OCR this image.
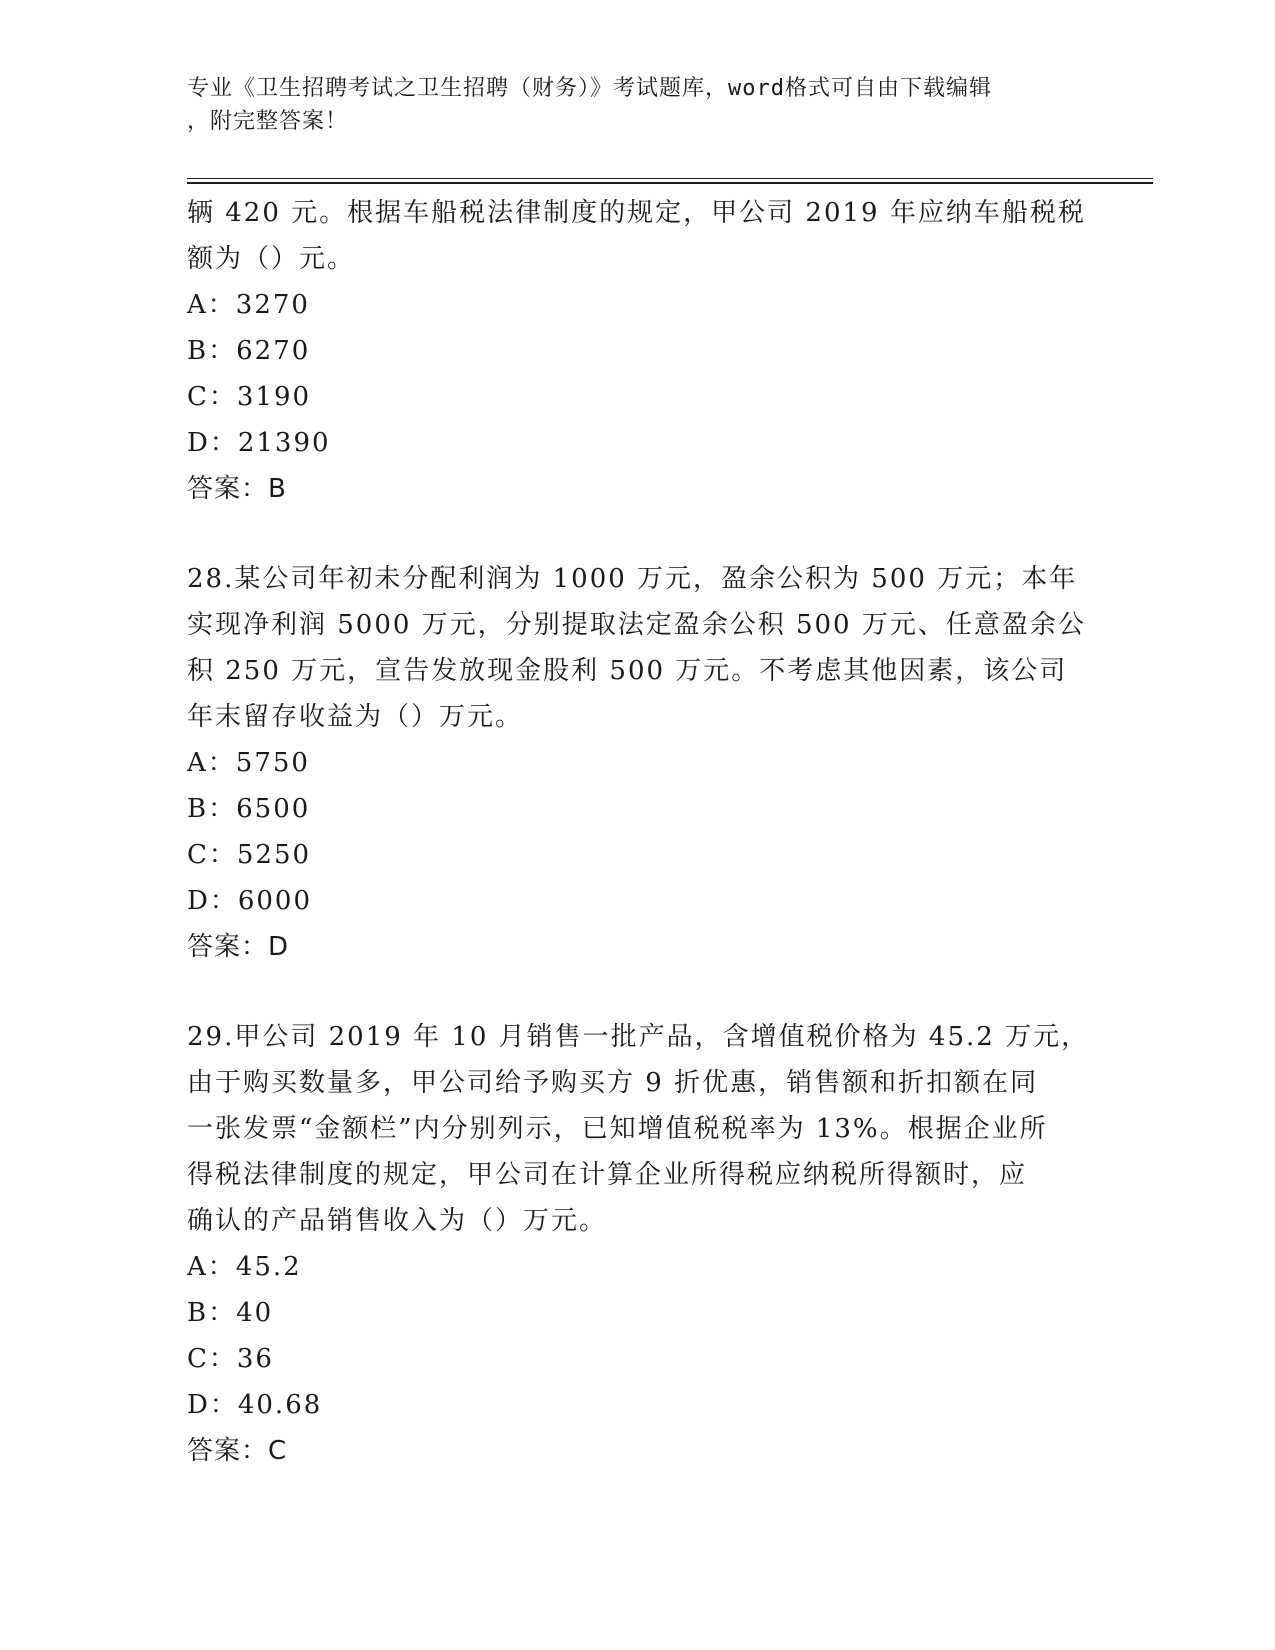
专业《卫生招聘考试之卫生招聘（财务）》考试题库，word格式可自由下载编辑
，附完整答案！
辆 420 元。根据车船税法律制度的规定，甲公司 2019 年应纳车船税税
额为（）元。
A：3270
B：6270
C：3190
D：21390
答案：B
28.某公司年初未分配利润为 1000 万元，盈余公积为 500 万元；本年
实现净利润 5000 万元，分别提取法定盈余公积 500 万元、任意盈余公
积 250 万元，宣告发放现金股利 500 万元。不考虑其他因素，该公司
年末留存收益为（）万元。
A：5750
B：6500
C：5250
D：6000
答案：D
29.甲公司 2019 年 10 月销售一批产品，含增值税价格为 45.2 万元，
由于购买数量多，甲公司给予购买方 9 折优惠，销售额和折扣额在同
一张发票“金额栏”内分别列示，已知增值税税率为 13%。根据企业所
得税法律制度的规定，甲公司在计算企业所得税应纳税所得额时，应
确认的产品销售收入为（）万元。
A：45.2
B：40
C：36
D：40.68
答案：C
